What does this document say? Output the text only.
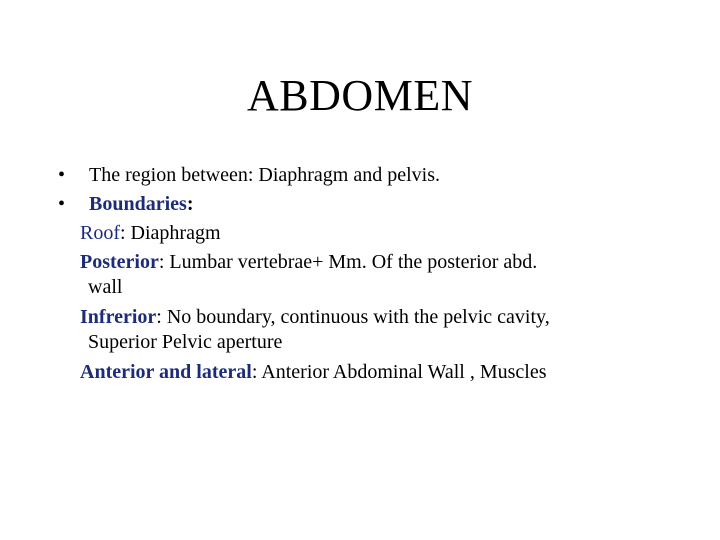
ABDOMEN
• The region between: Diaphragm and pelvis.
• Boundaries:
Roof: Diaphragm
Posterior: Lumbar vertebrae+ Mm. Of the posterior abd.
wall
Infrerior: No boundary, continuous with the pelvic cavity,
Superior Pelvic aperture
Anterior and lateral: Anterior Abdominal Wall , Muscles
